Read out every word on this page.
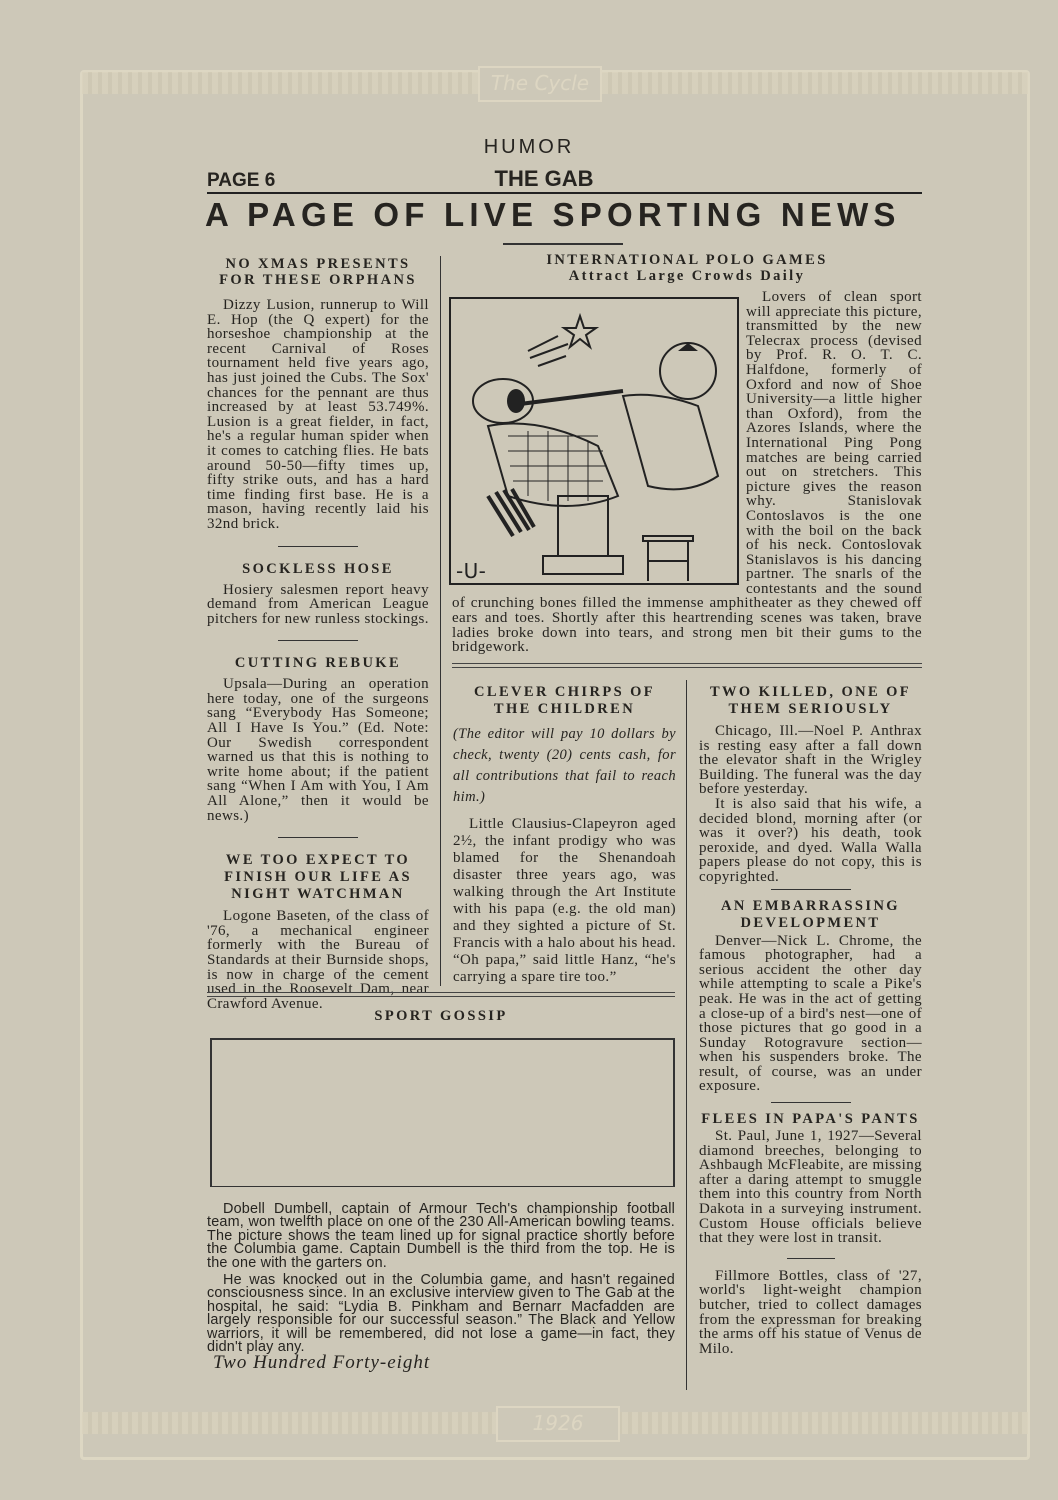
The Cycle
1926
HUMOR
PAGE 6	THE GAB
A PAGE OF LIVE SPORTING NEWS
NO XMAS PRESENTS FOR THESE ORPHANS

Dizzy Lusion, runnerup to Will E. Hop (the Q expert) for the horseshoe championship at the recent Carnival of Roses tournament held five years ago, has just joined the Cubs. The Sox' chances for the pennant are thus increased by at least 53.749%. Lusion is a great fielder, in fact, he's a regular human spider when it comes to catching flies. He bats around 50-50—fifty times up, fifty strike outs, and has a hard time finding first base. He is a mason, having recently laid his 32nd brick.

SOCKLESS HOSE

Hosiery salesmen report heavy demand from American League pitchers for new runless stockings.

CUTTING REBUKE

Upsala—During an operation here today, one of the surgeons sang “Everybody Has Someone; All I Have Is You.” (Ed. Note: Our Swedish correspondent warned us that this is nothing to write home about; if the patient sang “When I Am with You, I Am All Alone,” then it would be news.)

WE TOO EXPECT TO FINISH OUR LIFE AS NIGHT WATCHMAN

Logone Baseten, of the class of '76, a mechanical engineer formerly with the Bureau of Standards at their Burnside shops, is now in charge of the cement used in the Roosevelt Dam, near Crawford Avenue.

INTERNATIONAL POLO GAMES
Attract Large Crowds Daily
-U-

Lovers of clean sport will appreciate this picture, transmitted by the new Telecrax process (devised by Prof. R. O. T. C. Halfdone, formerly of Oxford and now of Shoe University—a little higher than Oxford), from the Azores Islands, where the International Ping Pong matches are being carried out on stretchers. This picture gives the reason why. Stanislovak Contoslavos is the one with the boil on the back of his neck. Contoslovak Stanislavos is his dancing partner. The snarls of the contestants and the sound of crunching bones filled the immense amphitheater as they chewed off ears and toes. Shortly after this heartrending scenes was taken, brave ladies broke down into tears, and strong men bit their gums to the bridgework.

CLEVER CHIRPS OF THE CHILDREN

(The editor will pay 10 dollars by check, twenty (20) cents cash, for all contributions that fail to reach him.)

Little Clausius-Clapeyron aged 2½, the infant prodigy who was blamed for the Shenandoah disaster three years ago, was walking through the Art Institute with his papa (e.g. the old man) and they sighted a picture of St. Francis with a halo about his head. “Oh papa,” said little Hanz, “he's carrying a spare tire too.”

TWO KILLED, ONE OF THEM SERIOUSLY

Chicago, Ill.—Noel P. Anthrax is resting easy after a fall down the elevator shaft in the Wrigley Building. The funeral was the day before yesterday.

It is also said that his wife, a decided blond, morning after (or was it over?) his death, took peroxide, and dyed. Walla Walla papers please do not copy, this is copyrighted.

AN EMBARRASSING DEVELOPMENT

Denver—Nick L. Chrome, the famous photographer, had a serious accident the other day while attempting to scale a Pike's peak. He was in the act of getting a close-up of a bird's nest—one of those pictures that go good in a Sunday Rotogravure section—when his suspenders broke. The result, of course, was an under exposure.

FLEES IN PAPA'S PANTS

St. Paul, June 1, 1927—Several diamond breeches, belonging to Ashbaugh McFleabite, are missing after a daring attempt to smuggle them into this country from North Dakota in a surveying instrument. Custom House officials believe that they were lost in transit.

Fillmore Bottles, class of '27, world's light-weight champion butcher, tried to collect damages from the expressman for breaking the arms off his statue of Venus de Milo.

SPORT GOSSIP

Dobell Dumbell, captain of Armour Tech's championship football team, won twelfth place on one of the 230 All-American bowling teams. The picture shows the team lined up for signal practice shortly before the Columbia game. Captain Dumbell is the third from the top. He is the one with the garters on.

He was knocked out in the Columbia game, and hasn't regained consciousness since. In an exclusive interview given to The Gab at the hospital, he said: “Lydia B. Pinkham and Bernarr Macfadden are largely responsible for our successful season.” The Black and Yellow warriors, it will be remembered, did not lose a game—in fact, they didn't play any.

Two Hundred Forty-eight
